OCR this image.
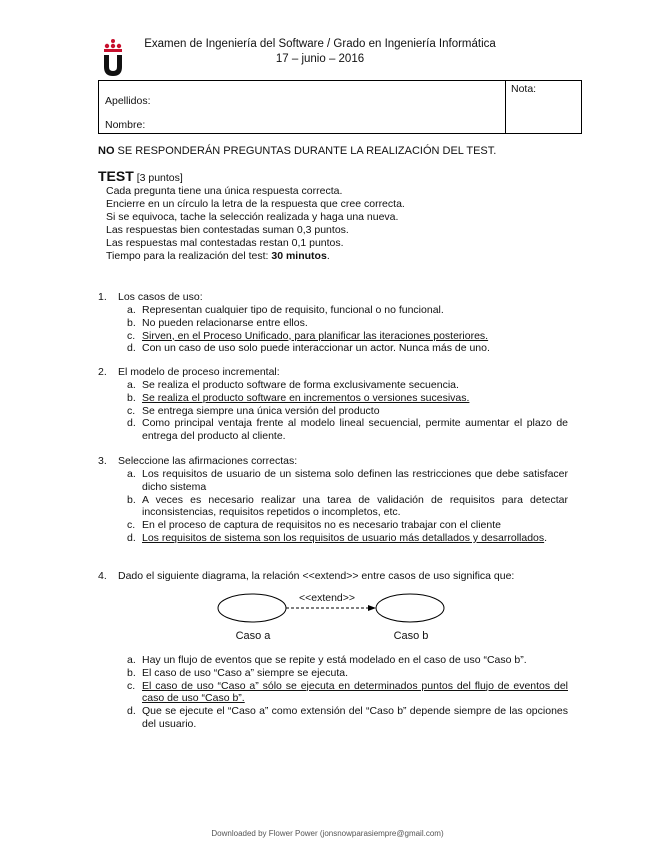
Examen de Ingeniería del Software / Grado en Ingeniería Informática
17 – junio – 2016
Apellidos:
Nombre:
Nota:
NO SE RESPONDERÁN PREGUNTAS DURANTE LA REALIZACIÓN DEL TEST.
TEST [3 puntos]
Cada pregunta tiene una única respuesta correcta.
Encierre en un círculo la letra de la respuesta que cree correcta.
Si se equivoca, tache la selección realizada y haga una nueva.
Las respuestas bien contestadas suman 0,3 puntos.
Las respuestas mal contestadas restan 0,1 puntos.
Tiempo para la realización del test: 30 minutos.
1. Los casos de uso:
a. Representan cualquier tipo de requisito, funcional o no funcional.
b. No pueden relacionarse entre ellos.
c. Sirven, en el Proceso Unificado, para planificar las iteraciones posteriores.
d. Con un caso de uso solo puede interaccionar un actor. Nunca más de uno.
2. El modelo de proceso incremental:
a. Se realiza el producto software de forma exclusivamente secuencia.
b. Se realiza el producto software en incrementos o versiones sucesivas.
c. Se entrega siempre una única versión del producto
d. Como principal ventaja frente al modelo lineal secuencial, permite aumentar el plazo de entrega del producto al cliente.
3. Seleccione las afirmaciones correctas:
a. Los requisitos de usuario de un sistema solo definen las restricciones que debe satisfacer dicho sistema
b. A veces es necesario realizar una tarea de validación de requisitos para detectar inconsistencias, requisitos repetidos o incompletos, etc.
c. En el proceso de captura de requisitos no es necesario trabajar con el cliente
d. Los requisitos de sistema son los requisitos de usuario más detallados y desarrollados.
4. Dado el siguiente diagrama, la relación <<extend>> entre casos de uso significa que:
<<extend>>
Caso a	Caso b
a. Hay un flujo de eventos que se repite y está modelado en el caso de uso “Caso b”.
b. El caso de uso “Caso a” siempre se ejecuta.
c. El caso de uso “Caso a” sólo se ejecuta en determinados puntos del flujo de eventos del caso de uso “Caso b”.
d. Que se ejecute el “Caso a” como extensión del “Caso b” depende siempre de las opciones del usuario.
Downloaded by Flower Power (jonsnowparasiempre@gmail.com)
